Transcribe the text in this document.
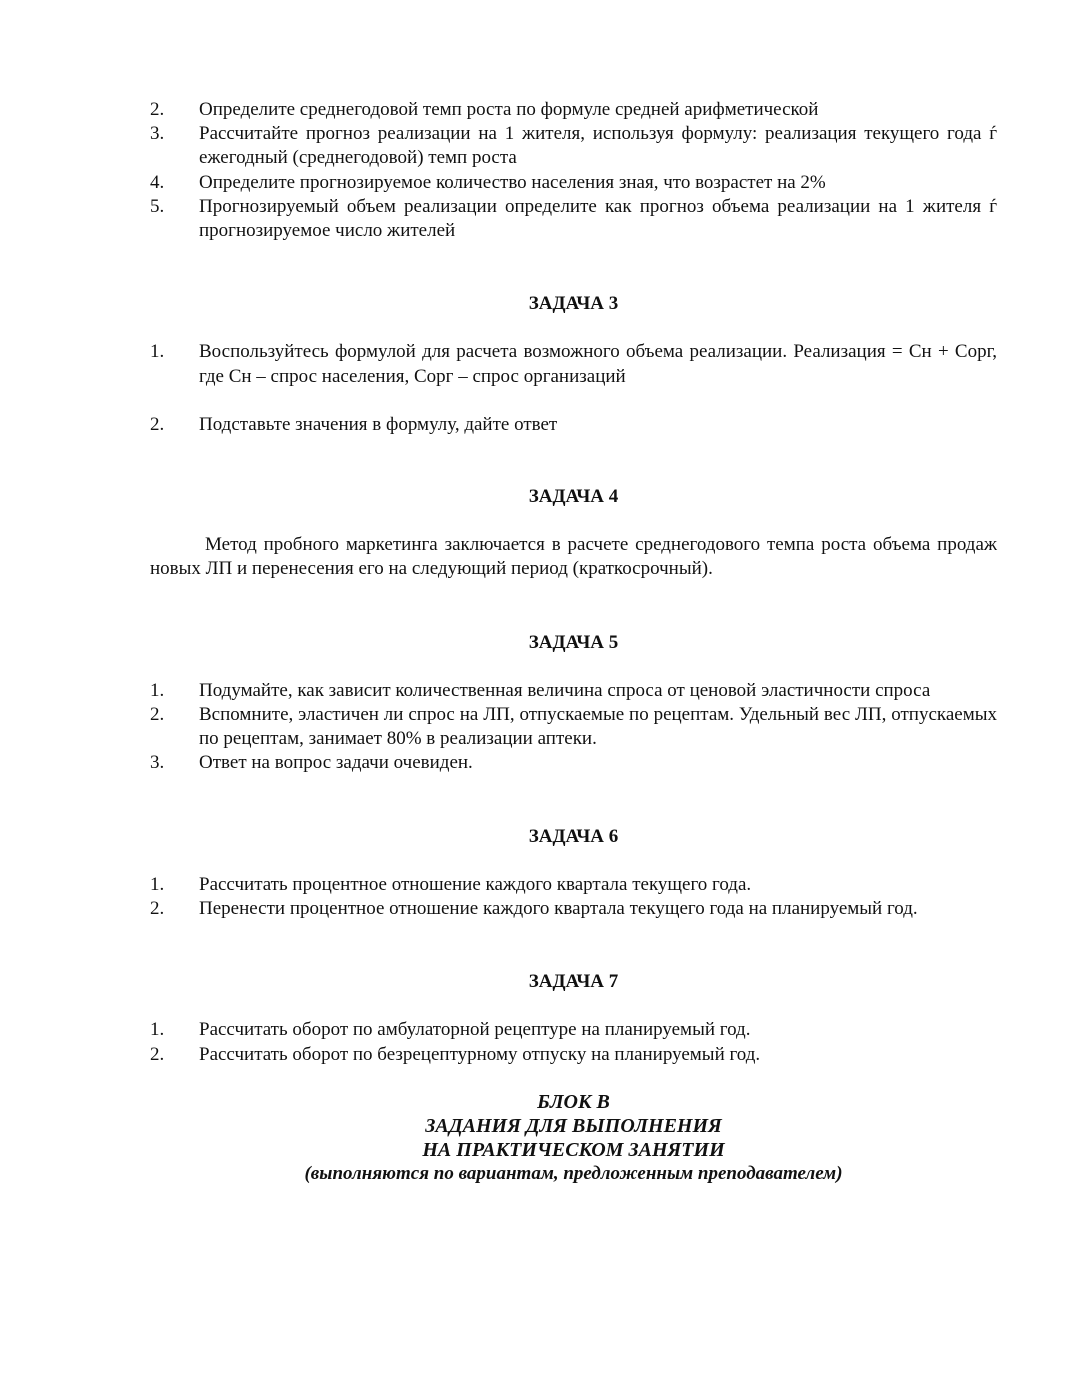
2.	Определите среднегодовой темп роста по формуле средней арифметической
3.	Рассчитайте прогноз реализации на 1 жителя, используя формулу: реализация текущего года ѓ ежегодный (среднегодовой) темп роста
4.	Определите прогнозируемое количество населения зная, что возрастет на 2%
5.	Прогнозируемый объем реализации определите как прогноз объема реализации на 1 жителя ѓ прогнозируемое число жителей
ЗАДАЧА 3
1.	Воспользуйтесь формулой для расчета возможного объема реализации. Реализация = Сн + Сорг, где Сн – спрос населения, Сорг – спрос организаций
2.	Подставьте значения в формулу, дайте ответ
ЗАДАЧА 4
Метод пробного маркетинга заключается в расчете среднегодового темпа роста объема продаж новых ЛП и перенесения его на следующий период (краткосрочный).
ЗАДАЧА 5
1.	Подумайте, как зависит количественная величина спроса от ценовой эластичности спроса
2.	Вспомните, эластичен ли спрос на ЛП, отпускаемые по рецептам. Удельный вес ЛП, отпускаемых по рецептам, занимает 80% в реализации аптеки.
3.	Ответ на вопрос задачи очевиден.
ЗАДАЧА 6
1.	Рассчитать процентное отношение каждого квартала текущего года.
2.	Перенести процентное отношение каждого квартала текущего года на планируемый год.
ЗАДАЧА 7
1.	Рассчитать оборот по амбулаторной рецептуре на планируемый год.
2.	Рассчитать оборот по безрецептурному отпуску на планируемый год.
БЛОК В
ЗАДАНИЯ ДЛЯ ВЫПОЛНЕНИЯ
НА ПРАКТИЧЕСКОМ ЗАНЯТИИ
(выполняются по вариантам, предложенным преподавателем)
